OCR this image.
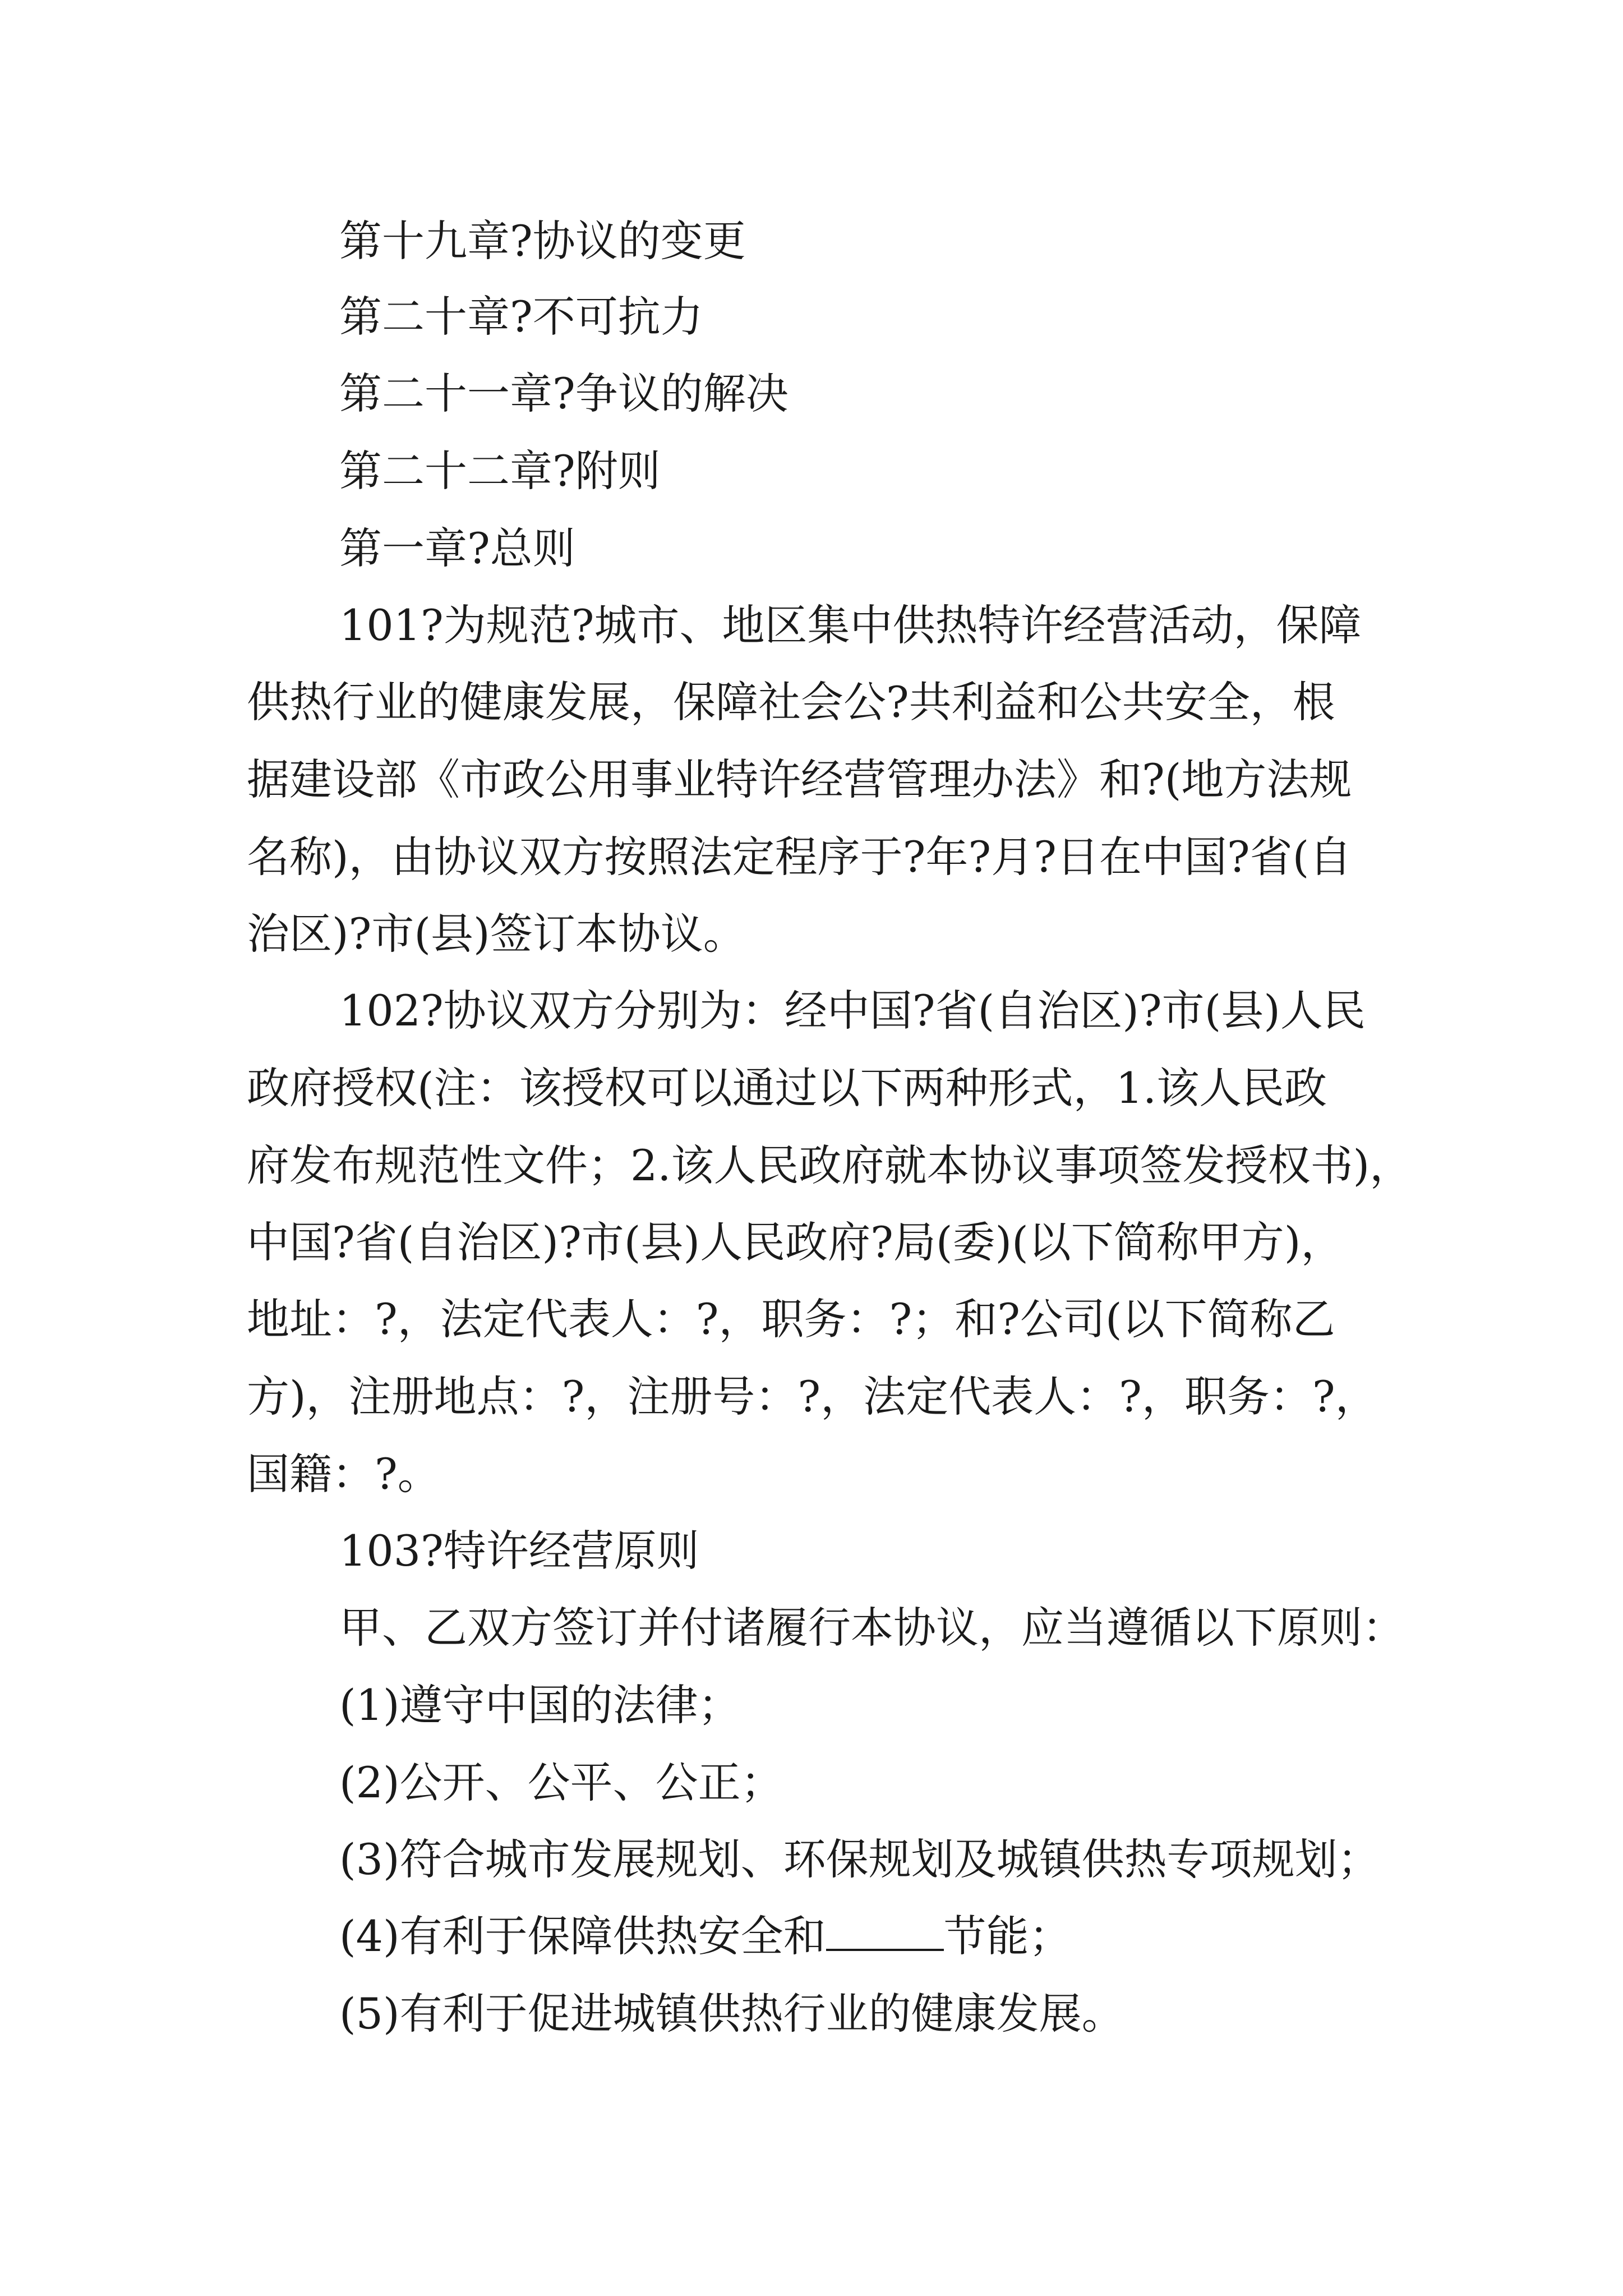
第十九章?协议的变更
第二十章?不可抗力
第二十一章?争议的解决
第二十二章?附则
第一章?总则
101?为规范?城市、地区集中供热特许经营活动，保障
供热行业的健康发展，保障社会公?共利益和公共安全，根
据建设部《市政公用事业特许经营管理办法》和?(地方法规
名称)，由协议双方按照法定程序于?年?月?日在中国?省(自
治区)?市(县)签订本协议。
102?协议双方分别为：经中国?省(自治区)?市(县)人民
政府授权(注：该授权可以通过以下两种形式，1.该人民政
府发布规范性文件；2.该人民政府就本协议事项签发授权书)，
中国?省(自治区)?市(县)人民政府?局(委)(以下简称甲方)，
地址：?，法定代表人：?，职务：?；和?公司(以下简称乙
方)，注册地点：?，注册号：?，法定代表人：?，职务：?，
国籍：?。
103?特许经营原则
甲、乙双方签订并付诸履行本协议，应当遵循以下原则：
(1)遵守中国的法律；
(2)公开、公平、公正；
(3)符合城市发展规划、环保规划及城镇供热专项规划；
(4)有利于保障供热安全和	节能；
(5)有利于促进城镇供热行业的健康发展。
